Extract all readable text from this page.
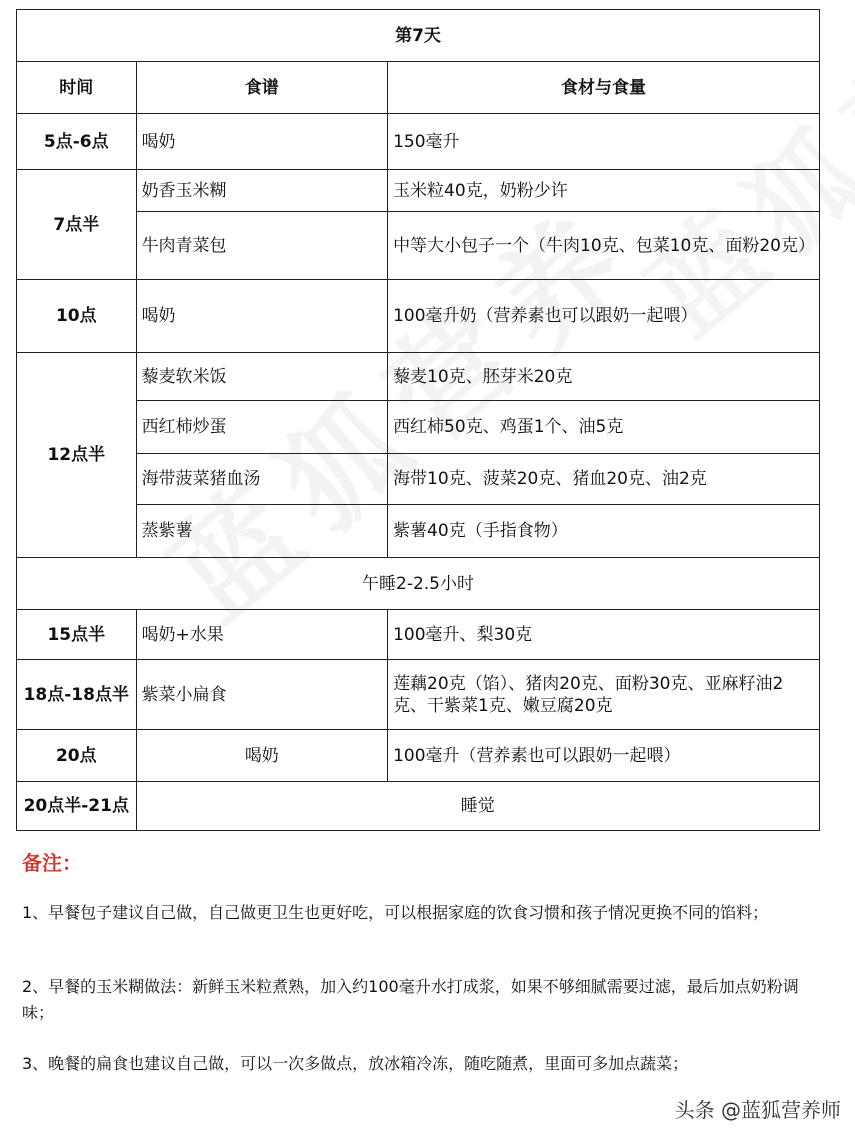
第7天		
时间	食谱	食材与食量
5点-6点	喝奶	150毫升
7点半	奶香玉米糊	玉米粒40克，奶粉少许
	牛肉青菜包	中等大小包子一个（牛肉10克、包菜10克、面粉20克）
10点	喝奶	100毫升奶（营养素也可以跟奶一起喂）
12点半	藜麦软米饭	藜麦10克、胚芽米20克
	西红柿炒蛋	西红柿50克、鸡蛋1个、油5克
	海带菠菜猪血汤	海带10克、菠菜20克、猪血20克、油2克
	蒸紫薯	紫薯40克（手指食物）
午睡2-2.5小时		
15点半	喝奶+水果	100毫升、梨30克
18点-18点半	紫菜小扁食	莲藕20克（馅）、猪肉20克、面粉30克、亚麻籽油2克、干紫菜1克、嫩豆腐20克
20点	喝奶	100毫升（营养素也可以跟奶一起喂）
20点半-21点	睡觉	
备注：

1、早餐包子建议自己做，自己做更卫生也更好吃，可以根据家庭的饮食习惯和孩子情况更换不同的馅料；

2、早餐的玉米糊做法：新鲜玉米粒煮熟，加入约100毫升水打成浆，如果不够细腻需要过滤，最后加点奶粉调味；

3、晚餐的扁食也建议自己做，可以一次多做点，放冰箱冷冻，随吃随煮，里面可多加点蔬菜；

头条 @蓝狐营养师
